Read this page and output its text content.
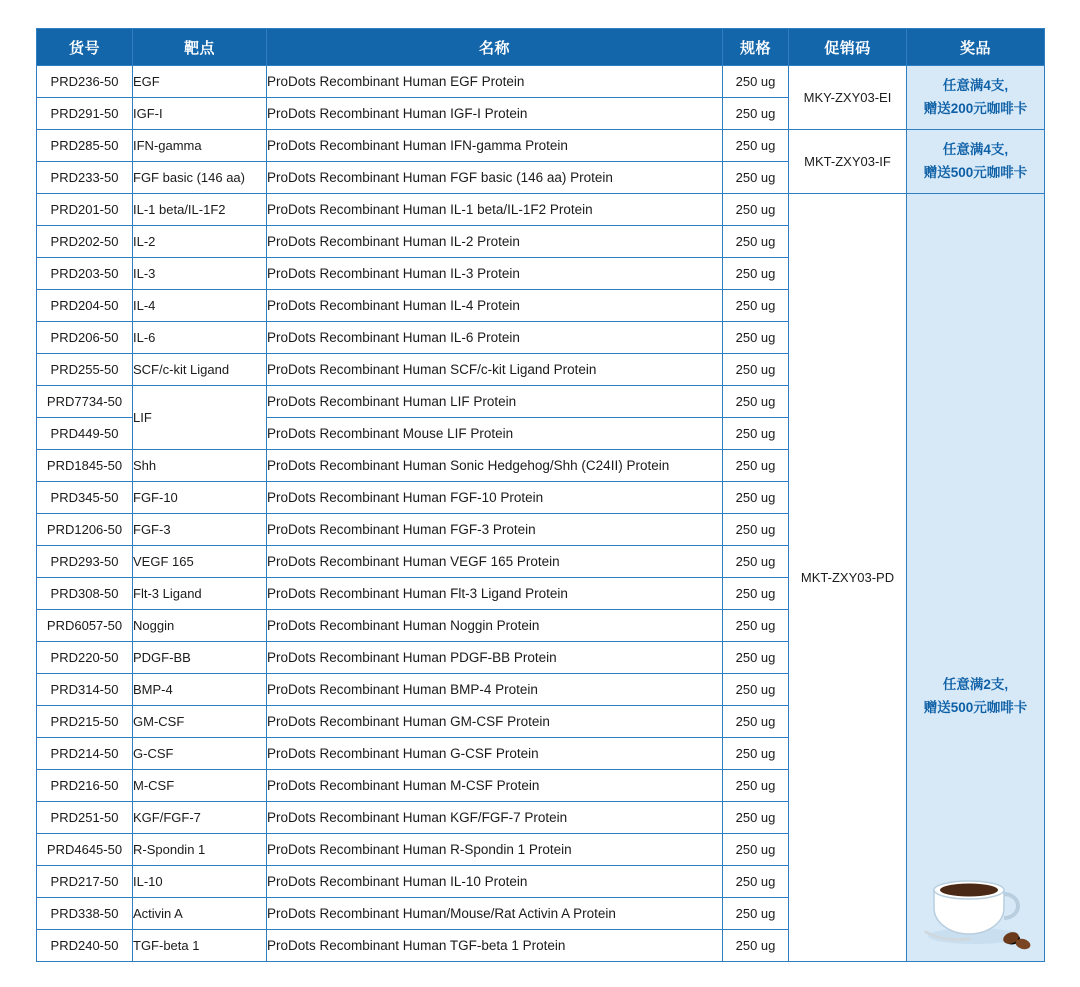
货号	靶点	名称	规格	促销码	奖品
PRD236-50	EGF	ProDots Recombinant Human EGF Protein	250 ug	MKY-ZXY03-EI	任意满4支,
赠送200元咖啡卡

PRD291-50	IGF-I	ProDots Recombinant Human IGF-I Protein	250 ug		
PRD285-50	IFN-gamma	ProDots Recombinant Human IFN-gamma Protein	250 ug	MKT-ZXY03-IF	任意满4支,
赠送500元咖啡卡

PRD233-50	FGF basic (146 aa)	ProDots Recombinant Human FGF basic (146 aa) Protein	250 ug		
PRD201-50	IL-1 beta/IL-1F2	ProDots Recombinant Human IL-1 beta/IL-1F2 Protein	250 ug	MKT-ZXY03-PD	任意满2支,
赠送500元咖啡卡

PRD202-50	IL-2	ProDots Recombinant Human IL-2 Protein	250 ug		
PRD203-50	IL-3	ProDots Recombinant Human IL-3 Protein	250 ug		
PRD204-50	IL-4	ProDots Recombinant Human IL-4 Protein	250 ug		
PRD206-50	IL-6	ProDots Recombinant Human IL-6 Protein	250 ug		
PRD255-50	SCF/c-kit Ligand	ProDots Recombinant Human SCF/c-kit Ligand Protein	250 ug		
PRD7734-50	LIF	ProDots Recombinant Human LIF Protein	250 ug		
PRD449-50		ProDots Recombinant Mouse LIF Protein	250 ug		
PRD1845-50	Shh	ProDots Recombinant Human Sonic Hedgehog/Shh (C24II) Protein	250 ug		
PRD345-50	FGF-10	ProDots Recombinant Human FGF-10 Protein	250 ug		
PRD1206-50	FGF-3	ProDots Recombinant Human FGF-3 Protein	250 ug		
PRD293-50	VEGF 165	ProDots Recombinant Human VEGF 165 Protein	250 ug		
PRD308-50	Flt-3 Ligand	ProDots Recombinant Human Flt-3 Ligand Protein	250 ug		
PRD6057-50	Noggin	ProDots Recombinant Human Noggin Protein	250 ug		
PRD220-50	PDGF-BB	ProDots Recombinant Human PDGF-BB Protein	250 ug		
PRD314-50	BMP-4	ProDots Recombinant Human BMP-4 Protein	250 ug		
PRD215-50	GM-CSF	ProDots Recombinant Human GM-CSF Protein	250 ug		
PRD214-50	G-CSF	ProDots Recombinant Human G-CSF Protein	250 ug		
PRD216-50	M-CSF	ProDots Recombinant Human M-CSF Protein	250 ug		
PRD251-50	KGF/FGF-7	ProDots Recombinant Human KGF/FGF-7 Protein	250 ug		
PRD4645-50	R-Spondin 1	ProDots Recombinant Human R-Spondin 1 Protein	250 ug		
PRD217-50	IL-10	ProDots Recombinant Human IL-10 Protein	250 ug		
PRD338-50	Activin A	ProDots Recombinant Human/Mouse/Rat Activin A Protein	250 ug		
PRD240-50	TGF-beta 1	ProDots Recombinant Human TGF-beta 1 Protein	250 ug		
